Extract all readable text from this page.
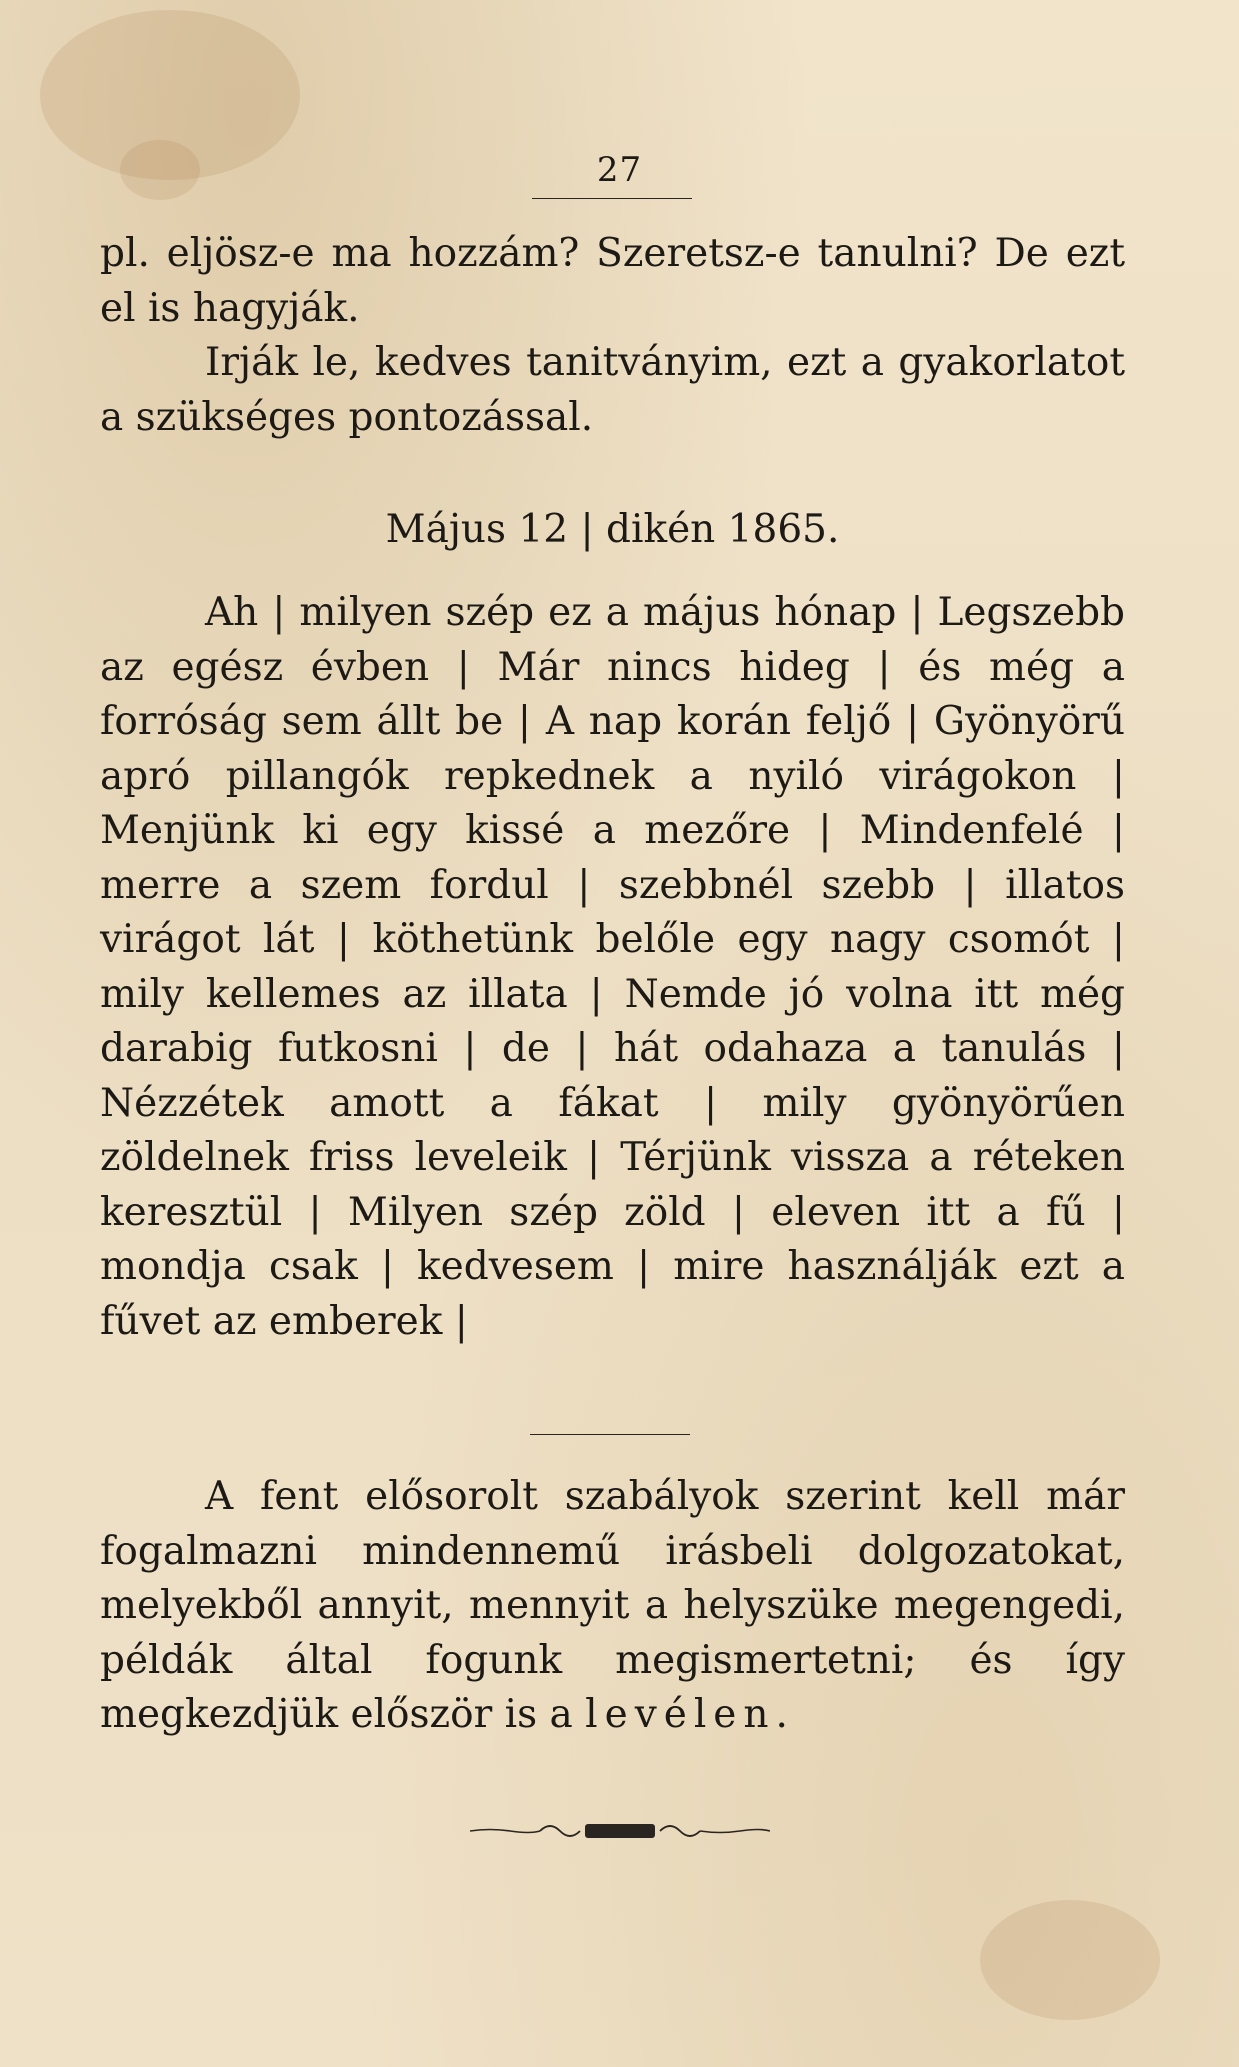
27

pl. eljösz-e ma hozzám? Szeretsz-e tanulni? De ezt el is hagyják.

Irják le, kedves tanitványim, ezt a gyakorlatot a szükséges pontozással.

Május 12 | dikén 1865.

Ah | milyen szép ez a május hónap | Legszebb az egész évben | Már nincs hideg | és még a forróság sem állt be | A nap korán feljő | Gyönyörű apró pillangók repkednek a nyiló virágokon | Menjünk ki egy kissé a mezőre | Mindenfelé | merre a szem fordul | szebbnél szebb | illatos virágot lát | köthetünk belőle egy nagy csomót | mily kellemes az illata | Nemde jó volna itt még darabig futkosni | de | hát odahaza a tanulás | Nézzétek amott a fákat | mily gyönyörűen zöldelnek friss leveleik | Térjünk vissza a réteken keresztül | Milyen szép zöld | eleven itt a fű | mondja csak | kedvesem | mire használják ezt a fűvet az emberek |

A fent elősorolt szabályok szerint kell már fogalmazni mindennemű irásbeli dolgozatokat, melyekből annyit, mennyit a helyszüke megengedi, példák által fogunk megismertetni; és így megkezdjük először is a levélen.
